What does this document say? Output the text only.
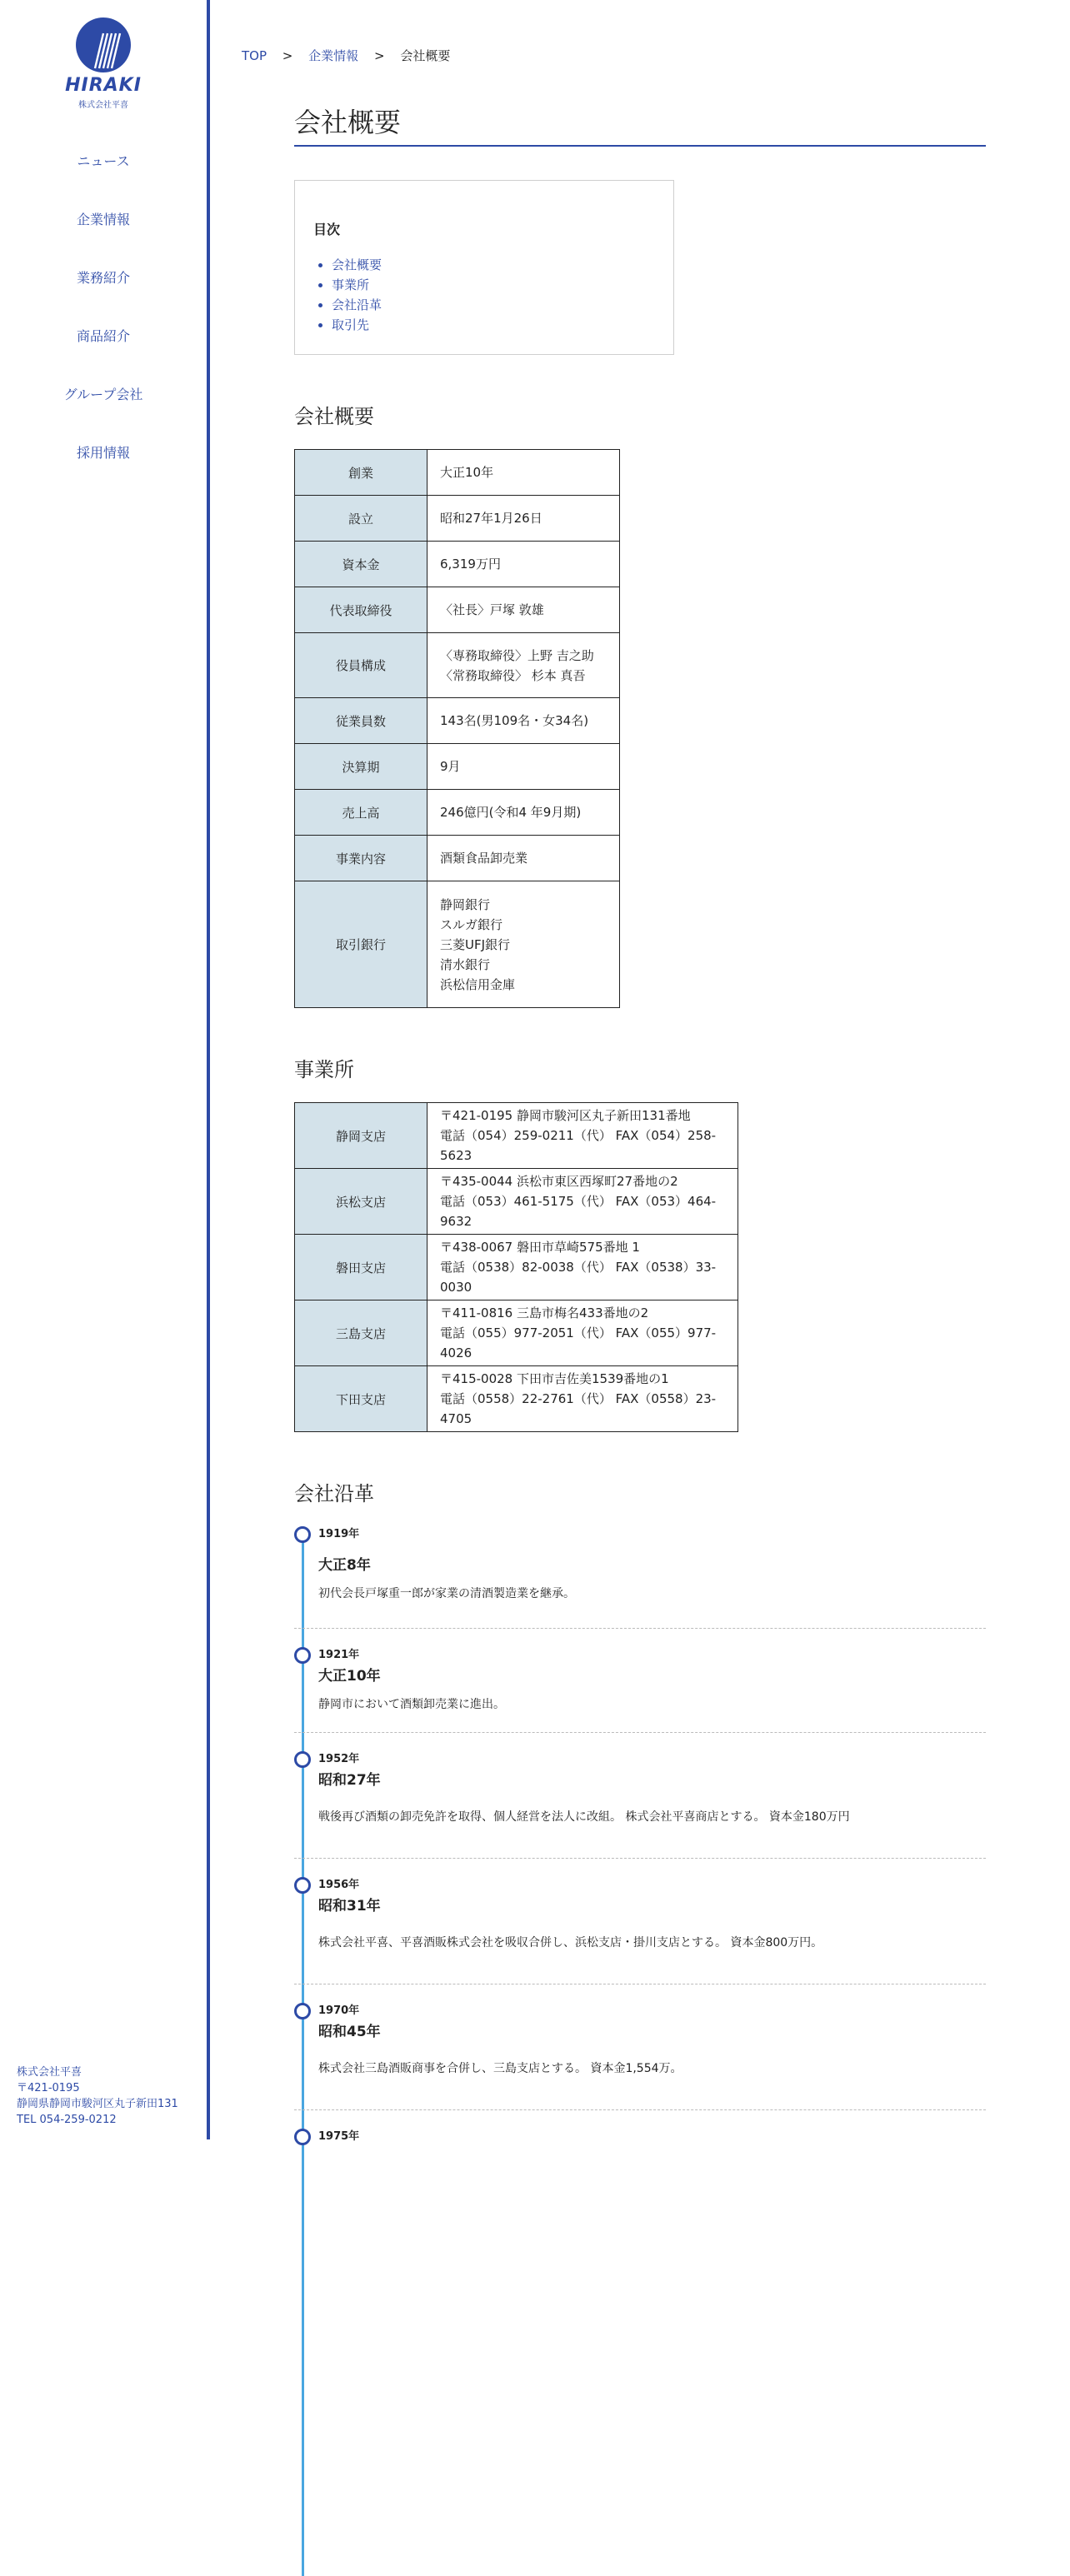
HIRAKI
株式会社平喜
ニュース
企業情報
業務紹介
商品紹介
グループ会社
採用情報
株式会社平喜
〒421-0195
静岡県静岡市駿河区丸子新田131
TEL 054-259-0212
TOP > 企業情報 > 会社概要
会社概要
目次
• 会社概要
• 事業所
• 会社沿革
• 取引先
会社概要
創業	大正10年

設立	昭和27年1月26日

資本金	6,319万円

代表取締役	〈社長〉戸塚 敦雄

役員構成	〈専務取締役〉上野 吉之助
〈常務取締役〉 杉本 真吾

従業員数	143名(男109名・女34名)

決算期	9月

売上高	246億円(令和4 年9月期)

事業内容	酒類食品卸売業

取引銀行	静岡銀行
スルガ銀行
三菱UFJ銀行
清水銀行
浜松信用金庫
事業所
静岡支店	〒421-0195 静岡市駿河区丸子新田131番地
電話（054）259-0211（代） FAX（054）258-5623

浜松支店	〒435-0044 浜松市東区西塚町27番地の2
電話（053）461-5175（代） FAX（053）464-9632

磐田支店	〒438-0067 磐田市草崎575番地 1
電話（0538）82-0038（代） FAX（0538）33-0030

三島支店	〒411-0816 三島市梅名433番地の2
電話（055）977-2051（代） FAX（055）977-4026

下田支店	〒415-0028 下田市吉佐美1539番地の1
電話（0558）22-2761（代） FAX（0558）23-4705
会社沿革

1919年

大正8年

初代会長戸塚重一郎が家業の清酒製造業を継承。

1921年

大正10年

静岡市において酒類卸売業に進出。

1952年

昭和27年

戦後再び酒類の卸売免許を取得、個人経営を法人に改組。 株式会社平喜商店とする。 資本金180万円

1956年

昭和31年

株式会社平喜、平喜酒販株式会社を吸収合併し、浜松支店・掛川支店とする。 資本金800万円。

1970年

昭和45年

株式会社三島酒販商事を合併し、三島支店とする。 資本金1,554万。

1975年
